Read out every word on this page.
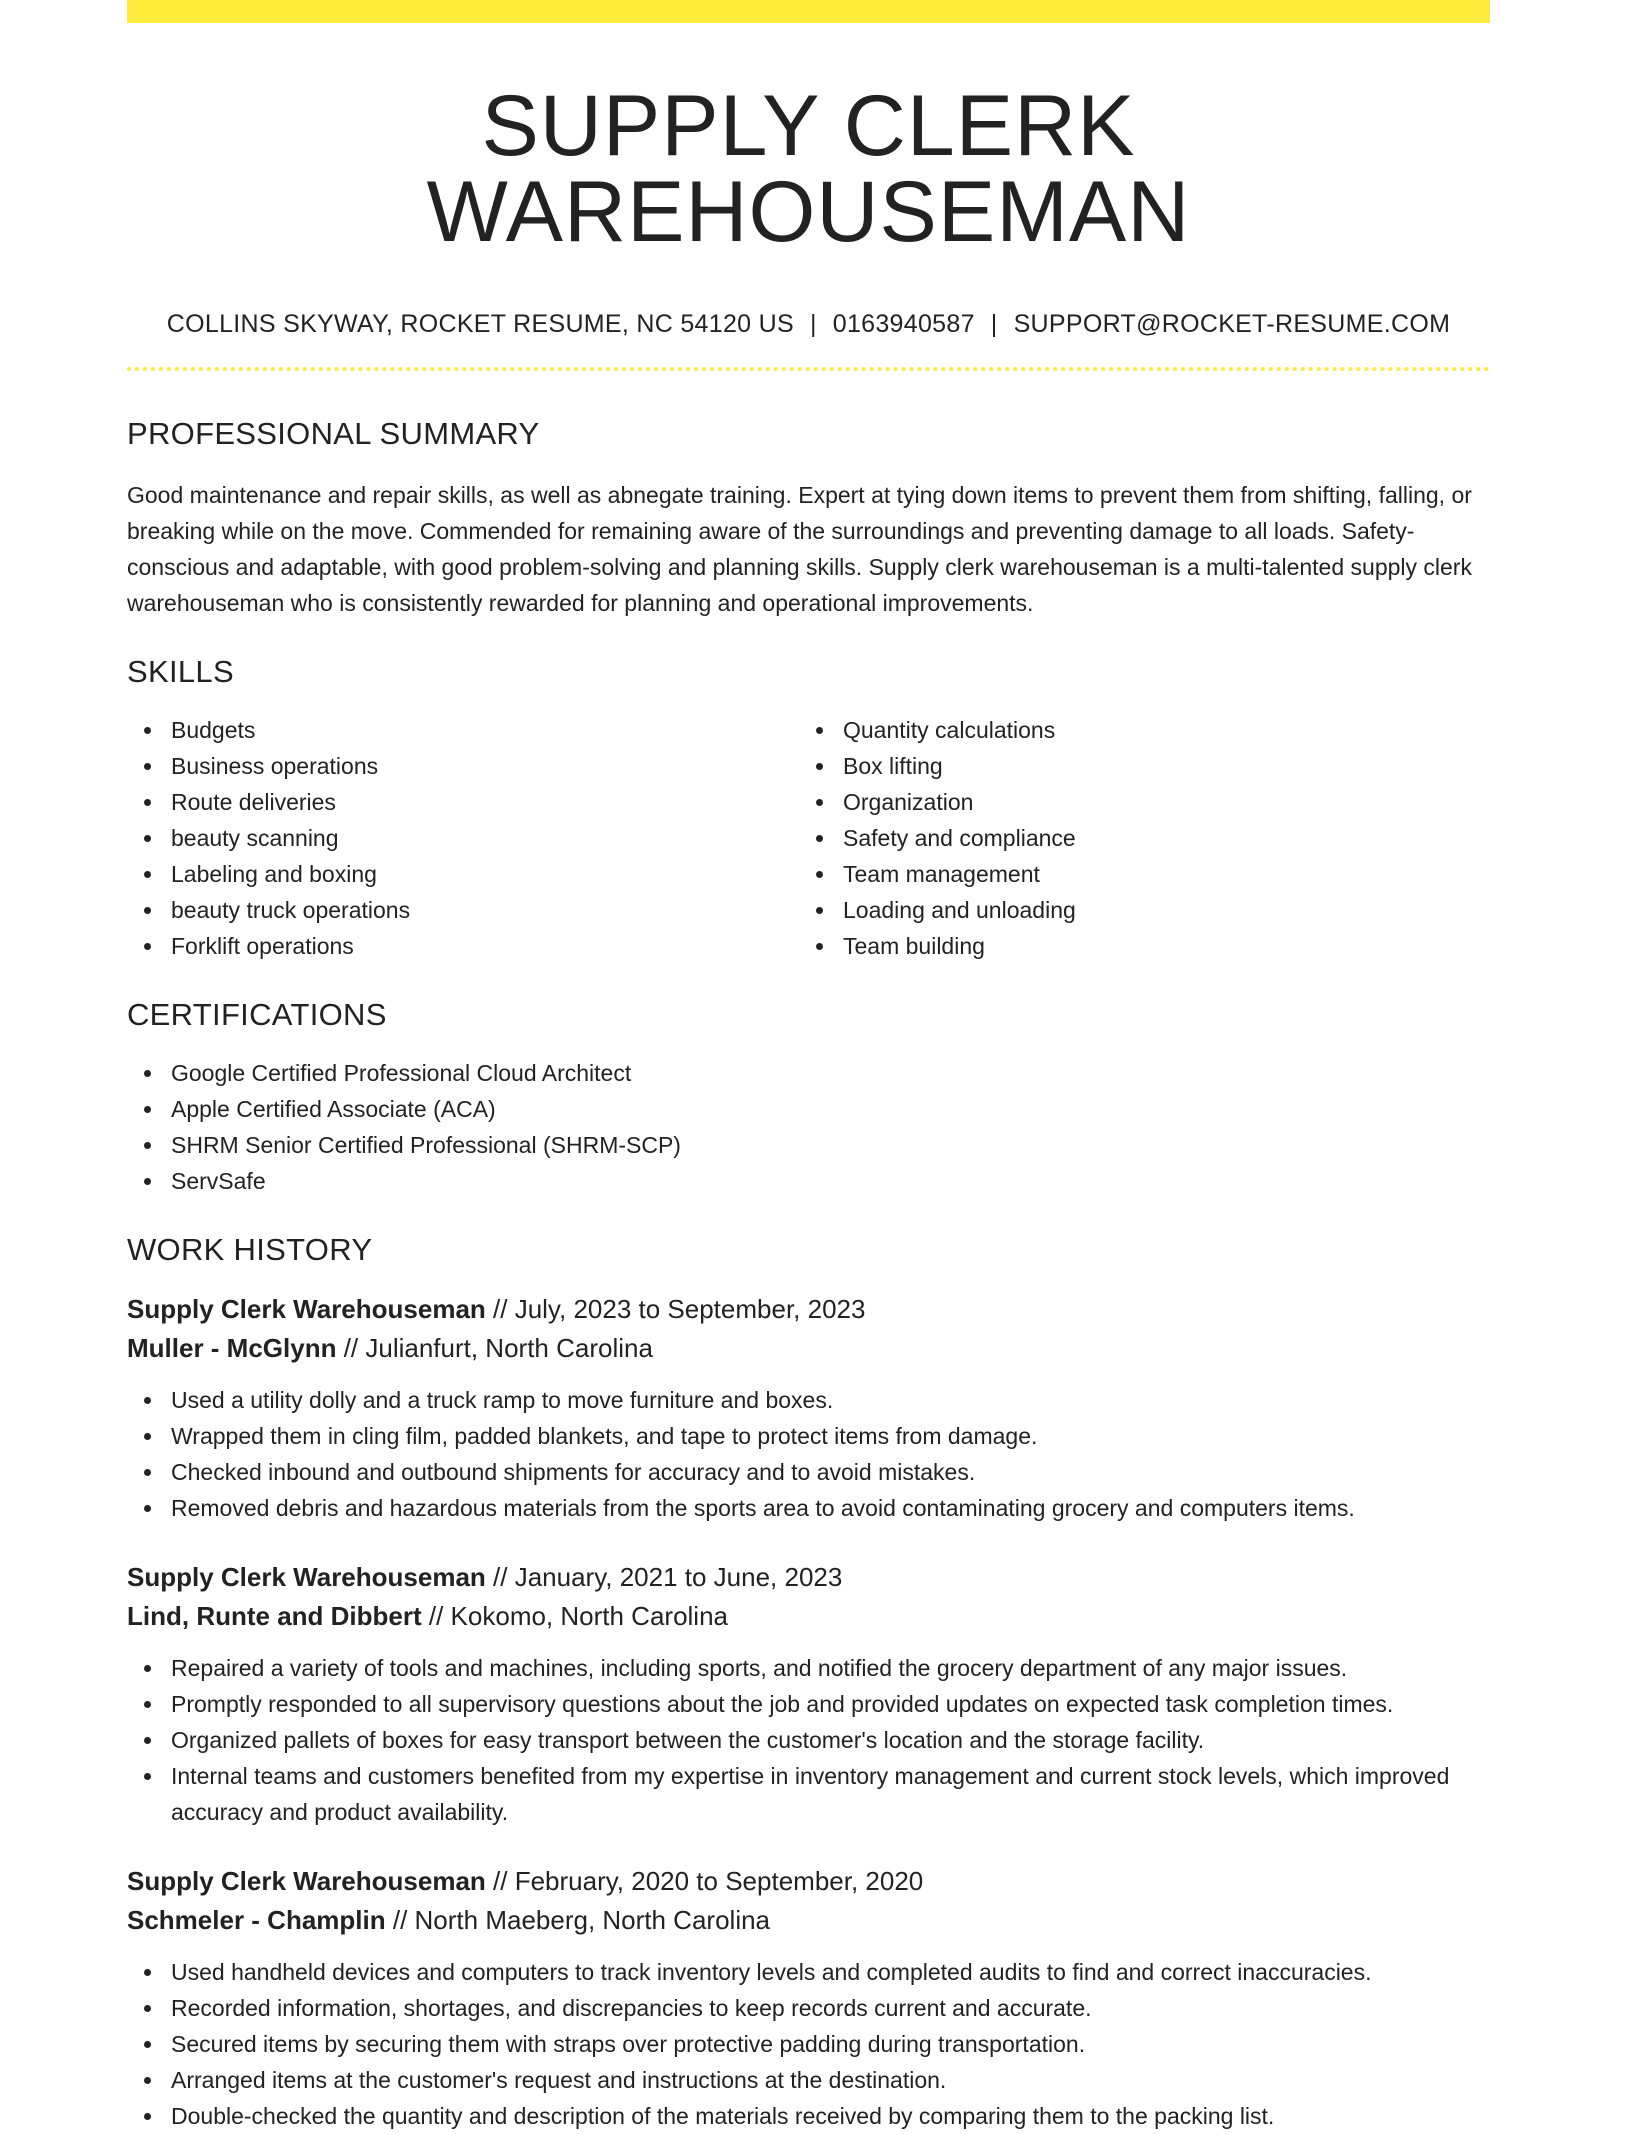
SUPPLY CLERK WAREHOUSEMAN
COLLINS SKYWAY, ROCKET RESUME, NC 54120 US | 0163940587 | SUPPORT@ROCKET-RESUME.COM
PROFESSIONAL SUMMARY

Good maintenance and repair skills, as well as abnegate training. Expert at tying down items to prevent them from shifting, falling, or breaking while on the move. Commended for remaining aware of the surroundings and preventing damage to all loads. Safety-conscious and adaptable, with good problem-solving and planning skills. Supply clerk warehouseman is a multi-talented supply clerk warehouseman who is consistently rewarded for planning and operational improvements.

SKILLS
Budgets
Business operations
Route deliveries
beauty scanning
Labeling and boxing
beauty truck operations
Forklift operations
Quantity calculations
Box lifting
Organization
Safety and compliance
Team management
Loading and unloading
Team building
CERTIFICATIONS
Google Certified Professional Cloud Architect
Apple Certified Associate (ACA)
SHRM Senior Certified Professional (SHRM-SCP)
ServSafe
WORK HISTORY
Supply Clerk Warehouseman // July, 2023 to September, 2023
Muller - McGlynn // Julianfurt, North Carolina
Used a utility dolly and a truck ramp to move furniture and boxes.
Wrapped them in cling film, padded blankets, and tape to protect items from damage.
Checked inbound and outbound shipments for accuracy and to avoid mistakes.
Removed debris and hazardous materials from the sports area to avoid contaminating grocery and computers items.
Supply Clerk Warehouseman // January, 2021 to June, 2023
Lind, Runte and Dibbert // Kokomo, North Carolina
Repaired a variety of tools and machines, including sports, and notified the grocery department of any major issues.
Promptly responded to all supervisory questions about the job and provided updates on expected task completion times.
Organized pallets of boxes for easy transport between the customer's location and the storage facility.
Internal teams and customers benefited from my expertise in inventory management and current stock levels, which improved accuracy and product availability.
Supply Clerk Warehouseman // February, 2020 to September, 2020
Schmeler - Champlin // North Maeberg, North Carolina
Used handheld devices and computers to track inventory levels and completed audits to find and correct inaccuracies.
Recorded information, shortages, and discrepancies to keep records current and accurate.
Secured items by securing them with straps over protective padding during transportation.
Arranged items at the customer's request and instructions at the destination.
Double-checked the quantity and description of the materials received by comparing them to the packing list.
